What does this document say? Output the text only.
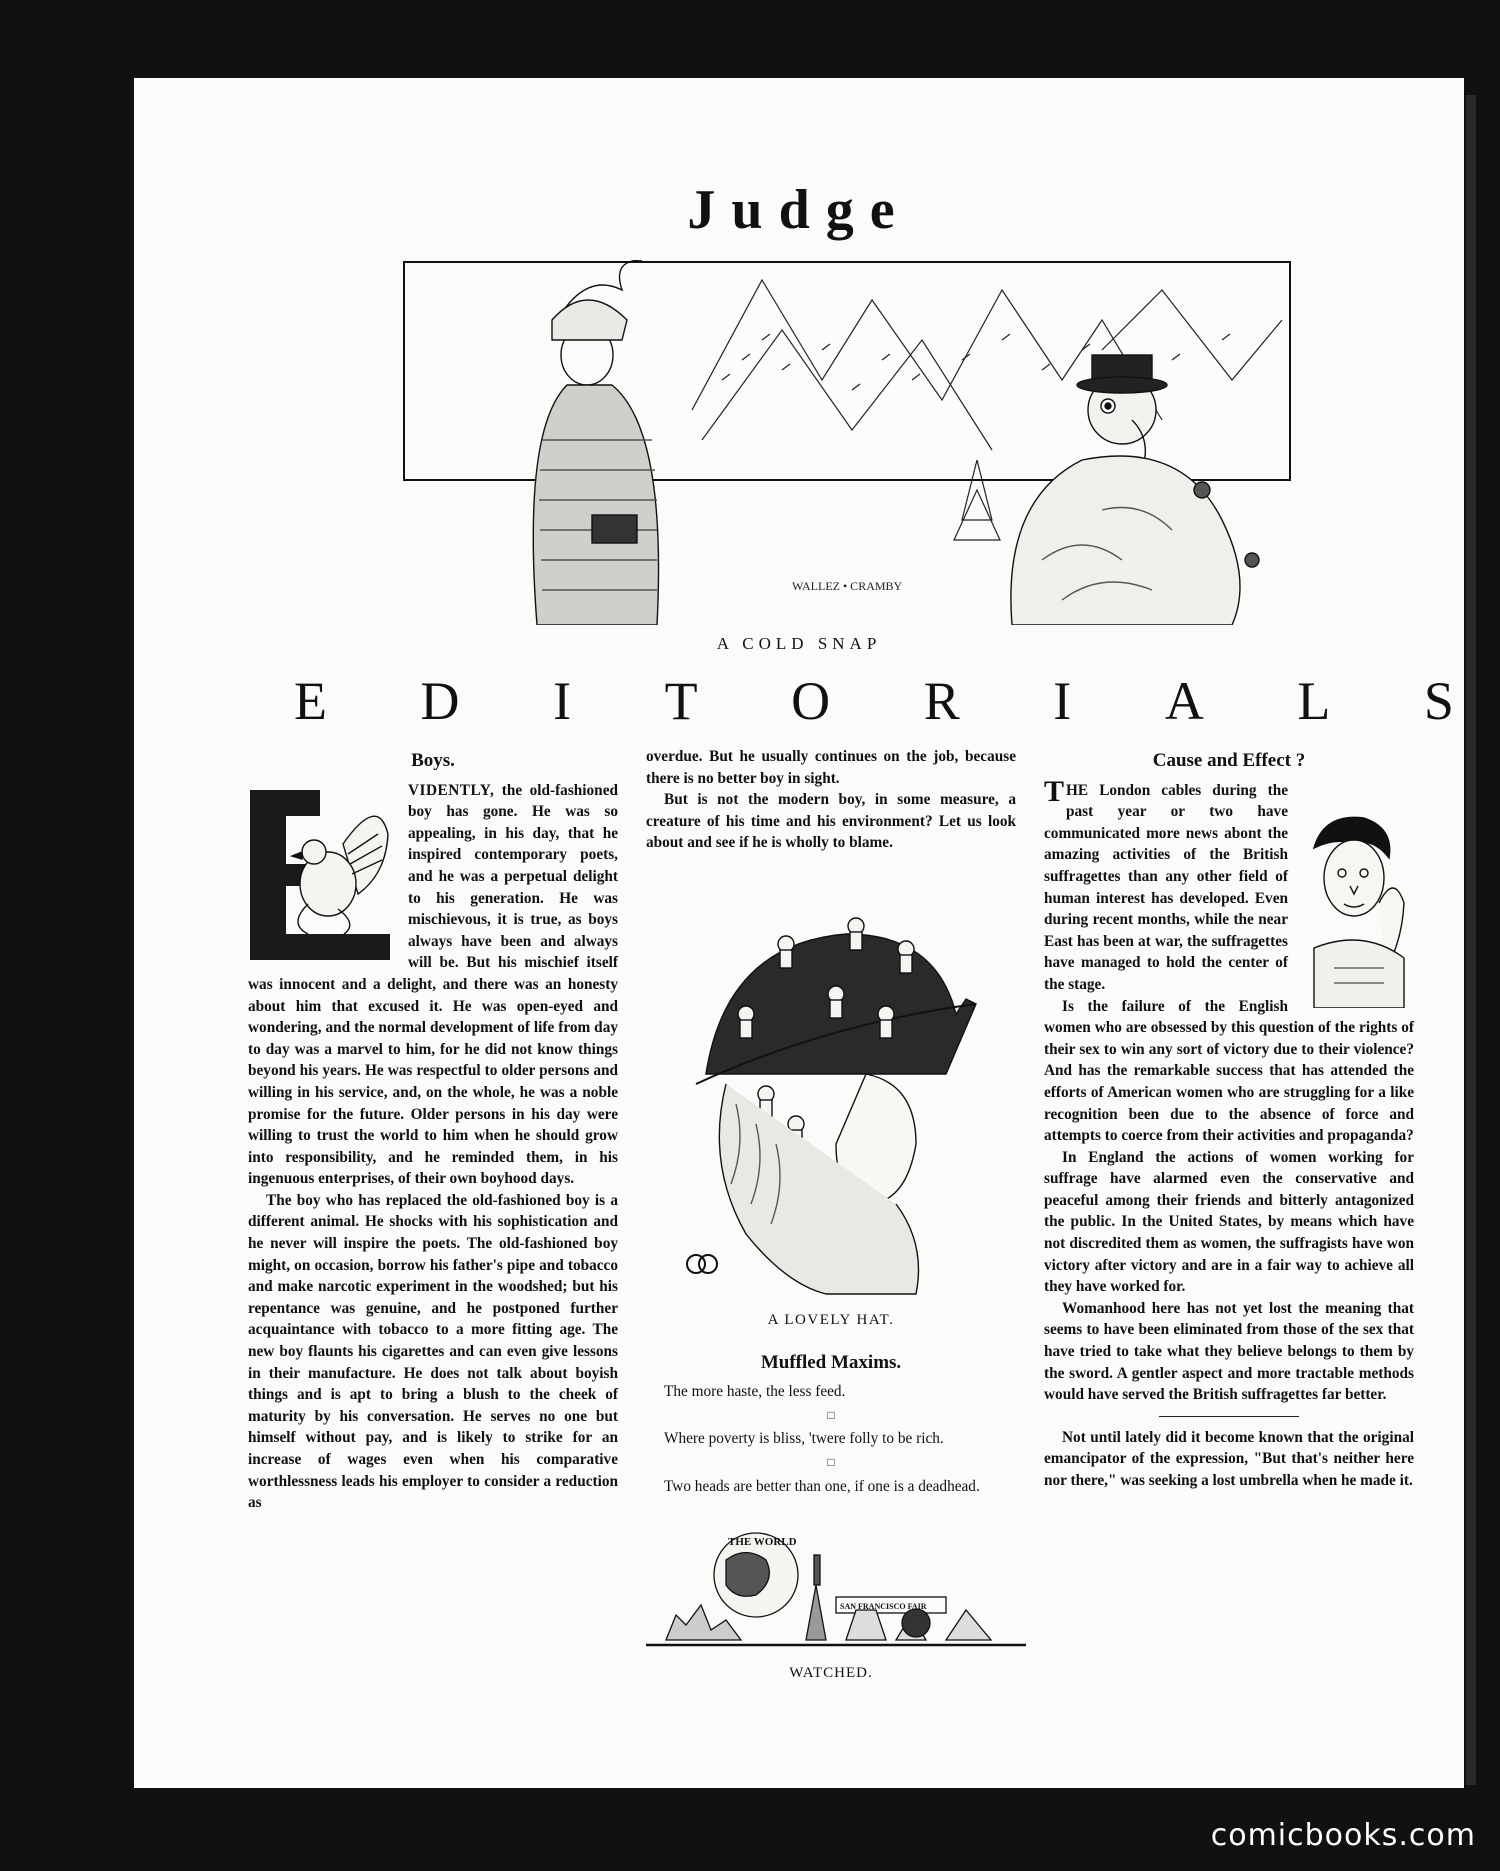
Judge
WALLEZ • CRAMBY
A COLD SNAP
E D I T O R I A L S
Boys.

VIDENTLY, the old-fashioned boy has gone. He was so appealing, in his day, that he inspired contemporary poets, and he was a perpetual delight to his generation. He was mischievous, it is true, as boys always have been and always will be. But his mischief itself was innocent and a delight, and there was an honesty about him that excused it. He was open-eyed and wondering, and the normal development of life from day to day was a marvel to him, for he did not know things beyond his years. He was respectful to older persons and willing in his service, and, on the whole, he was a noble promise for the future. Older persons in his day were willing to trust the world to him when he should grow into responsibility, and he reminded them, in his ingenuous enterprises, of their own boyhood days.

The boy who has replaced the old-fashioned boy is a different animal. He shocks with his sophistication and he never will inspire the poets. The old-fashioned boy might, on occasion, borrow his father's pipe and tobacco and make narcotic experiment in the woodshed; but his repentance was genuine, and he postponed further acquaintance with tobacco to a more fitting age. The new boy flaunts his cigarettes and can even give lessons in their manufacture. He does not talk about boyish things and is apt to bring a blush to the cheek of maturity by his conversation. He serves no one but himself without pay, and is likely to strike for an increase of wages even when his comparative worthlessness leads his employer to consider a reduction as

overdue. But he usually continues on the job, because there is no better boy in sight.

But is not the modern boy, in some measure, a creature of his time and his environment? Let us look about and see if he is wholly to blame.

A LOVELY HAT.
Muffled Maxims.

The more haste, the less feed.

□

Where poverty is bliss, 'twere folly to be rich.

□

Two heads are better than one, if one is a deadhead.

THE WORLD
SAN FRANCISCO FAIR
WATCHED.
Cause and Effect ?

THE London cables during the past year or two have communicated more news abont the amazing activities of the British suffragettes than any other field of human interest has developed. Even during recent months, while the near East has been at war, the suffragettes have managed to hold the center of the stage.

Is the failure of the English women who are obsessed by this question of the rights of their sex to win any sort of victory due to their violence? And has the remarkable success that has attended the efforts of American women who are struggling for a like recognition been due to the absence of force and attempts to coerce from their activities and propaganda?

In England the actions of women working for suffrage have alarmed even the conservative and peaceful among their friends and bitterly antagonized the public. In the United States, by means which have not discredited them as women, the suffragists have won victory after victory and are in a fair way to achieve all they have worked for.

Womanhood here has not yet lost the meaning that seems to have been eliminated from those of the sex that have tried to take what they believe belongs to them by the sword. A gentler aspect and more tractable methods would have served the British suffragettes far better.

Not until lately did it become known that the original emancipator of the expression, "But that's neither here nor there," was seeking a lost umbrella when he made it.

comicbooks.com
